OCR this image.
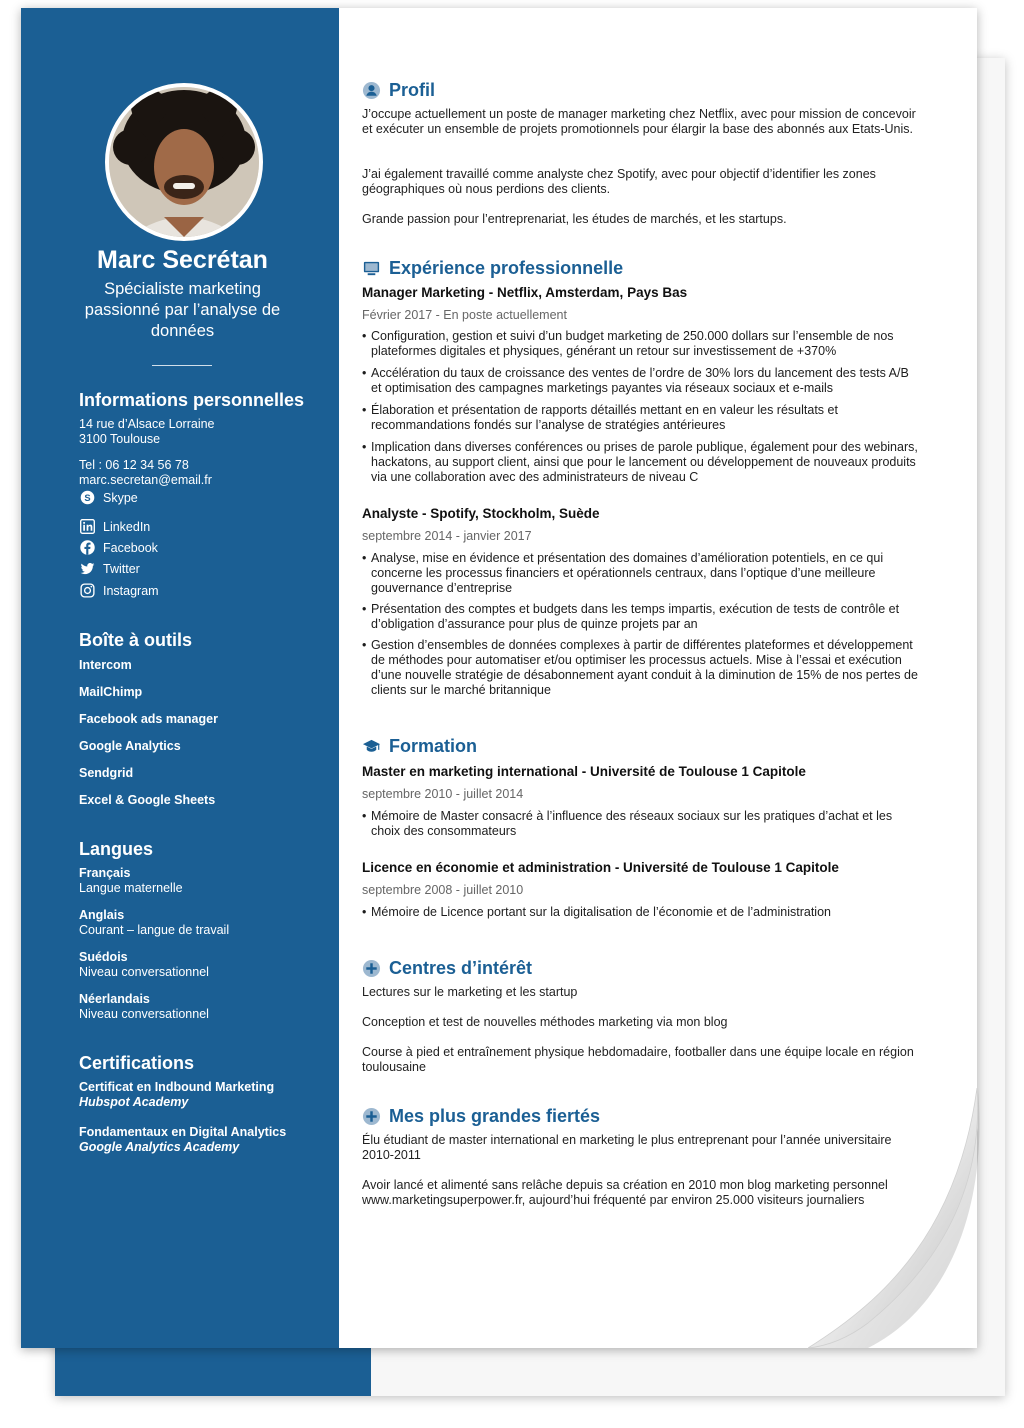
Marc Secrétan
Spécialiste marketing passionné par l’analyse de données
Informations personnelles
14 rue d’Alsace Lorraine
3100 Toulouse
Tel : 06 12 34 56 78
marc.secretan@email.fr
S Skype
LinkedIn
Facebook
Twitter
Instagram
Boîte à outils
Intercom
MailChimp
Facebook ads manager
Google Analytics
Sendgrid
Excel & Google Sheets
Langues
Français
Langue maternelle
Anglais
Courant – langue de travail
Suédois
Niveau conversationnel
Néerlandais
Niveau conversationnel
Certifications
Certificat en Indbound Marketing
Hubspot Academy
Fondamentaux en Digital Analytics
Google Analytics Academy
Profil
J’occupe actuellement un poste de manager marketing chez Netflix, avec pour mission de concevoir et exécuter un ensemble de projets promotionnels pour élargir la base des abonnés aux Etats-Unis.
J’ai également travaillé comme analyste chez Spotify, avec pour objectif d’identifier les zones géographiques où nous perdions des clients.
Grande passion pour l’entreprenariat, les études de marchés, et les startups.
Expérience professionnelle
Manager Marketing - Netflix, Amsterdam, Pays Bas
Février 2017 - En poste actuellement
• Configuration, gestion et suivi d’un budget marketing de 250.000 dollars sur l’ensemble de nos plateformes digitales et physiques, générant un retour sur investissement de +370%
• Accélération du taux de croissance des ventes de l’ordre de 30% lors du lancement des tests A/B et optimisation des campagnes marketings payantes via réseaux sociaux et e-mails
• Élaboration et présentation de rapports détaillés mettant en en valeur les résultats et recommandations fondés sur l’analyse de stratégies antérieures
• Implication dans diverses conférences ou prises de parole publique, également pour des webinars, hackatons, au support client, ainsi que pour le lancement ou développement de nouveaux produits via une collaboration avec des administrateurs de niveau C
Analyste - Spotify, Stockholm, Suède
septembre 2014 - janvier 2017
• Analyse, mise en évidence et présentation des domaines d’amélioration potentiels, en ce qui concerne les processus financiers et opérationnels centraux, dans l’optique d’une meilleure gouvernance d’entreprise
• Présentation des comptes et budgets dans les temps impartis, exécution de tests de contrôle et d’obligation d’assurance pour plus de quinze projets par an
• Gestion d’ensembles de données complexes à partir de différentes plateformes et développement de méthodes pour automatiser et/ou optimiser les processus actuels. Mise à l’essai et exécution d’une nouvelle stratégie de désabonnement ayant conduit à la diminution de 15% de nos pertes de clients sur le marché britannique
Formation
Master en marketing international - Université de Toulouse 1 Capitole
septembre 2010 - juillet 2014
• Mémoire de Master consacré à l’influence des réseaux sociaux sur les pratiques d’achat et les choix des consommateurs
Licence en économie et administration - Université de Toulouse 1 Capitole
septembre 2008 - juillet 2010
• Mémoire de Licence portant sur la digitalisation de l’économie et de l’administration
Centres d’intérêt
Lectures sur le marketing et les startup
Conception et test de nouvelles méthodes marketing via mon blog
Course à pied et entraînement physique hebdomadaire, footballer dans une équipe locale en région toulousaine
Mes plus grandes fiertés
Élu étudiant de master international en marketing le plus entreprenant pour l’année universitaire 2010-2011
Avoir lancé et alimenté sans relâche depuis sa création en 2010 mon blog marketing personnel www.marketingsuperpower.fr, aujourd’hui fréquenté par environ 25.000 visiteurs journaliers
